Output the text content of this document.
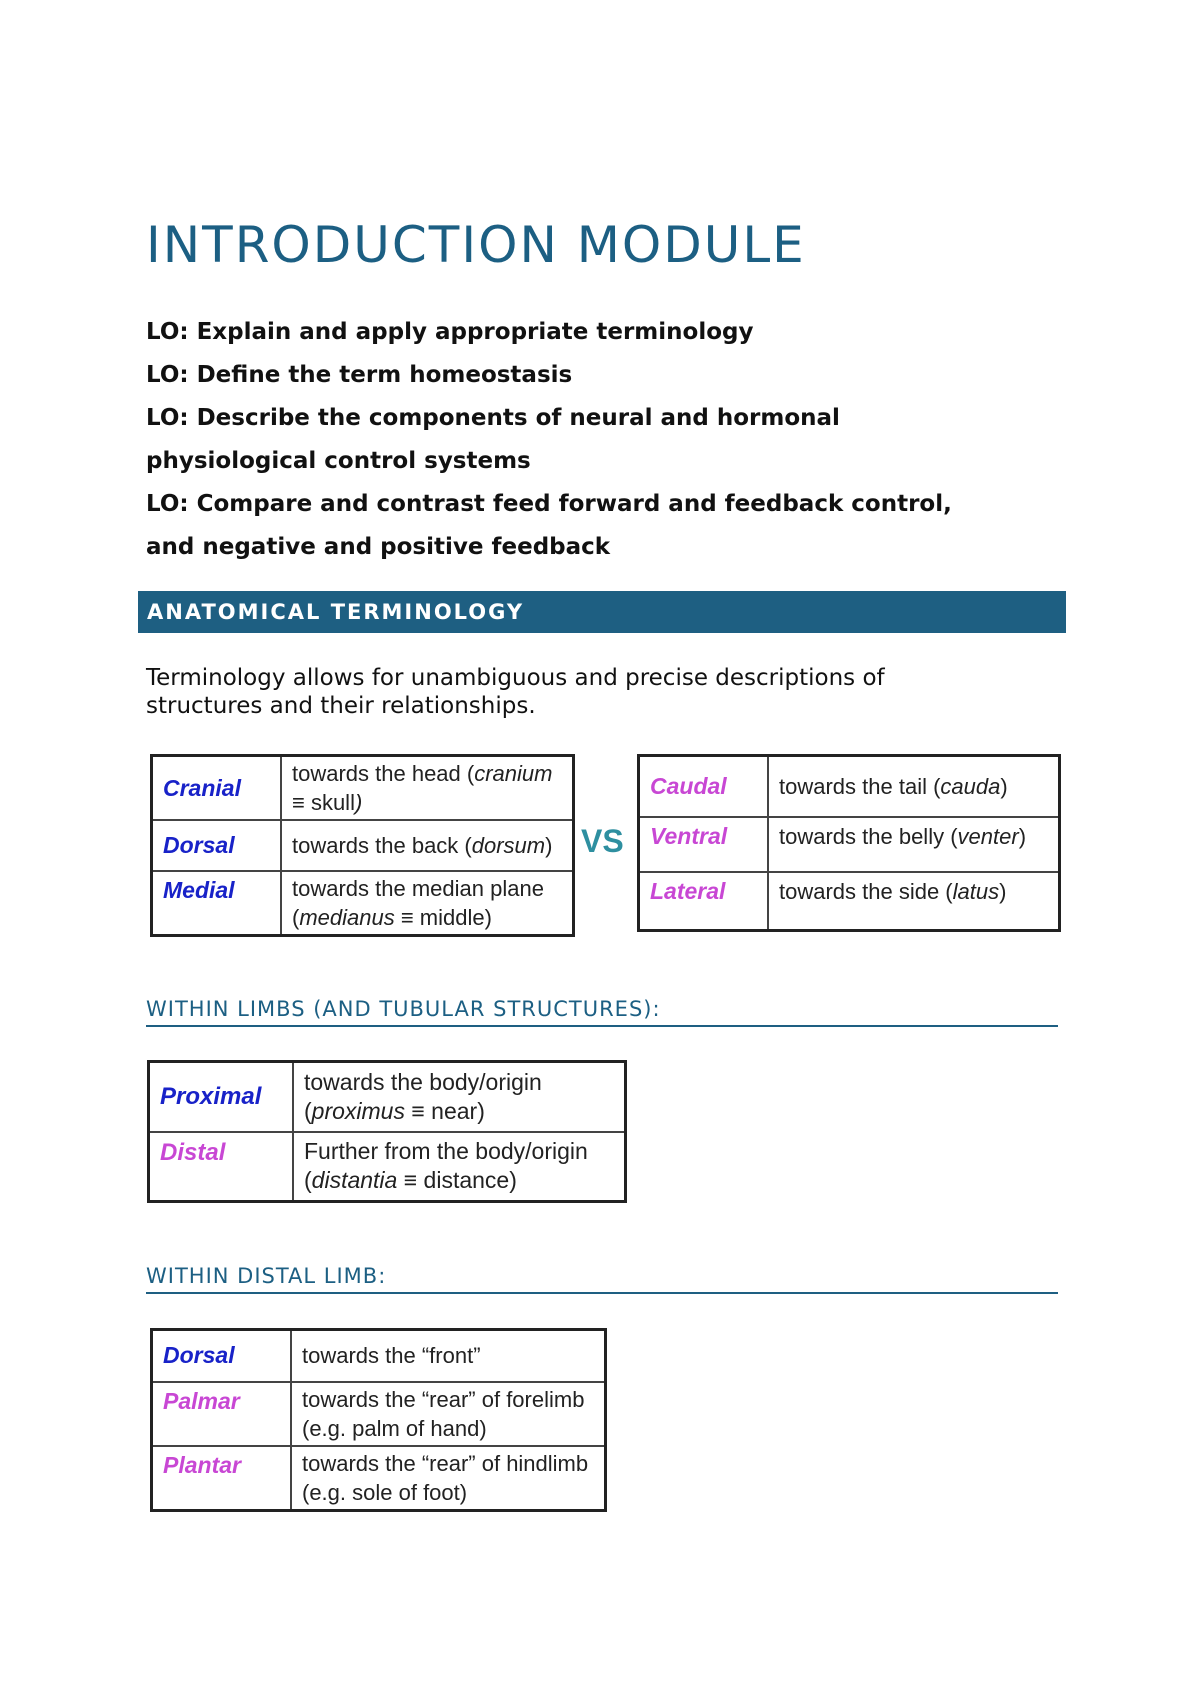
INTRODUCTION MODULE
LO: Explain and apply appropriate terminology
LO: Define the term homeostasis
LO: Describe the components of neural and hormonal
physiological control systems
LO: Compare and contrast feed forward and feedback control,
and negative and positive feedback
ANATOMICAL TERMINOLOGY
Terminology allows for unambiguous and precise descriptions of
structures and their relationships.
Cranial	towards the head (cranium
≡ skull)

Dorsal	towards the back (dorsum)
Medial	towards the median plane
(medianus ≡ middle)
VS
Caudal	towards the tail (cauda)
Ventral	towards the belly (venter)
Lateral	towards the side (latus)
WITHIN LIMBS (AND TUBULAR STRUCTURES):
Proximal	towards the body/origin
(proximus ≡ near)

Distal	Further from the body/origin
(distantia ≡ distance)
WITHIN DISTAL LIMB:
Dorsal	towards the “front”

Palmar	towards the “rear” of forelimb
(e.g. palm of hand)

Plantar	towards the “rear” of hindlimb
(e.g. sole of foot)
